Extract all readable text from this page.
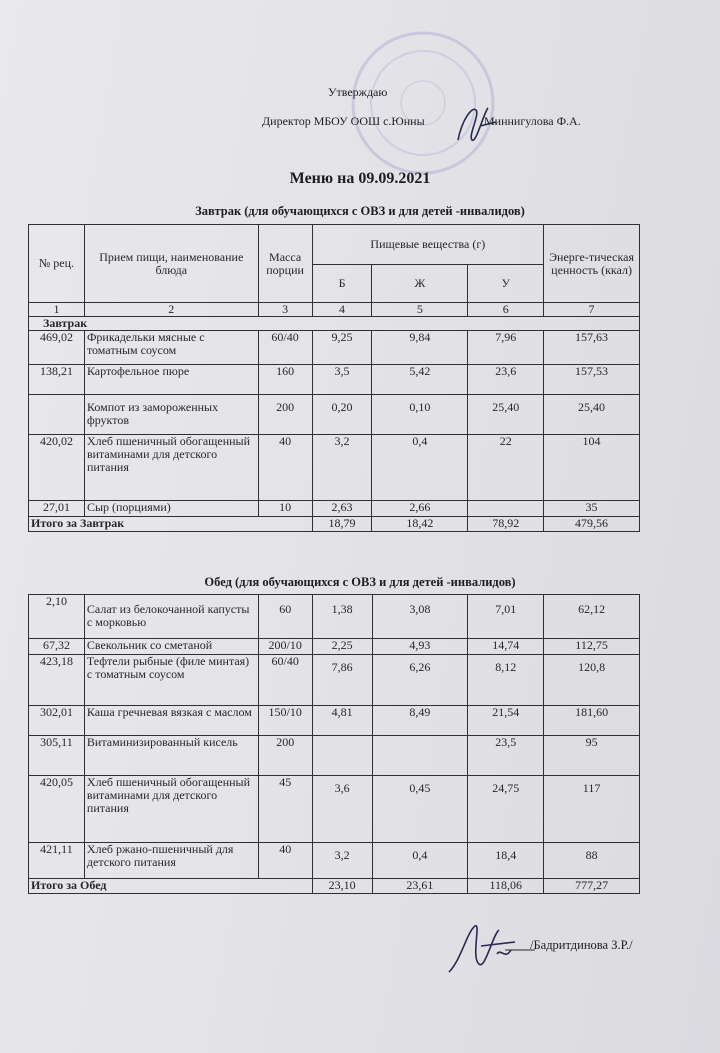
Утверждаю
Директор МБОУ ООШ с.Юнны	Миннигулова Ф.А.
Меню на 09.09.2021
Завтрак (для обучающихся с ОВЗ и для детей -инвалидов)
№ рец.	Прием пищи, наименование блюда	Масса порции	Пищевые вещества (г)			Энерге-тическая ценность (ккал)
			Б	Ж	У	
1	2	3	4	5	6	7
Завтрак						
469,02	Фрикадельки мясные с томатным соусом	60/40	9,25	9,84	7,96	157,63
138,21	Картофельное пюре	160	3,5	5,42	23,6	157,53
	Компот из замороженных фруктов	200	0,20	0,10	25,40	25,40
420,02	Хлеб пшеничный обогащенный витаминами для детского питания	40	3,2	0,4	22	104
27,01	Сыр (порциями)	10	2,63	2,66		35
Итого за Завтрак			18,79	18,42	78,92	479,56
Обед (для обучающихся с ОВЗ и для детей -инвалидов)
2,10	Салат из белокочанной капусты с морковью	60	1,38	3,08	7,01	62,12
67,32	Свекольник со сметаной	200/10	2,25	4,93	14,74	112,75
423,18	Тефтели рыбные (филе минтая) с томатным соусом	60/40	7,86	6,26	8,12	120,8
302,01	Каша гречневая вязкая с маслом	150/10	4,81	8,49	21,54	181,60
305,11	Витаминизированный кисель	200			23,5	95
420,05	Хлеб пшеничный обогащенный витаминами для детского питания	45	3,6	0,45	24,75	117
421,11	Хлеб ржано-пшеничный для детского питания	40	3,2	0,4	18,4	88
Итого за Обед			23,10	23,61	118,06	777,27
/Бадритдинова З.Р./
